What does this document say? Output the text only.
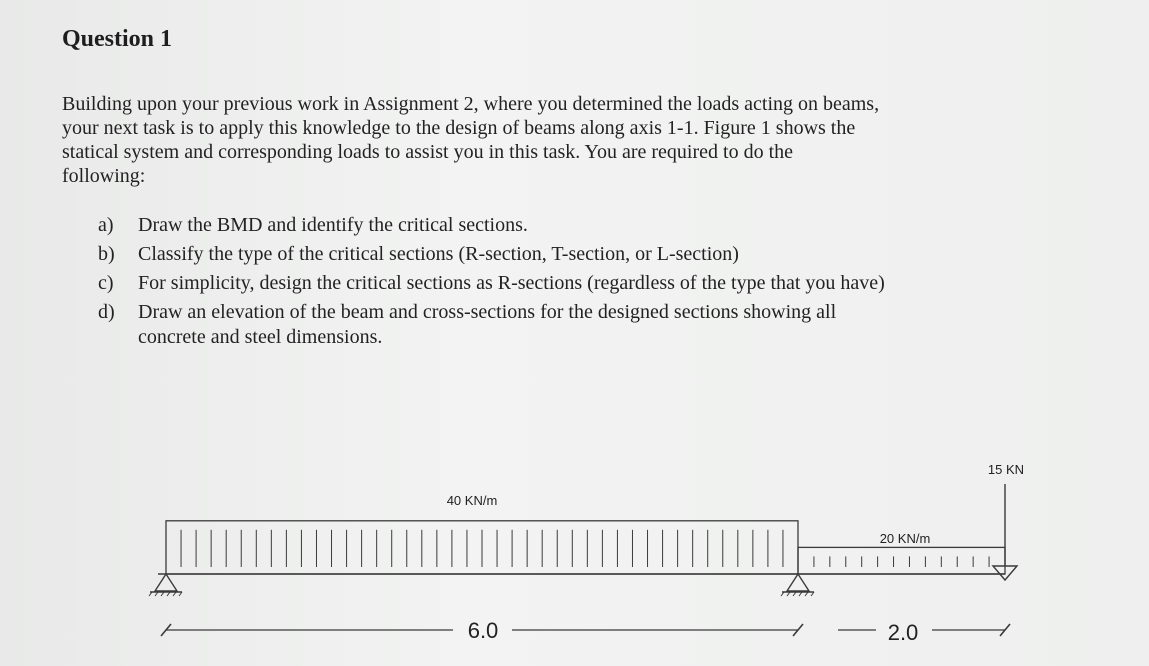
Question 1

Building upon your previous work in Assignment 2, where you determined the loads acting on beams,
your next task is to apply this knowledge to the design of beams along axis 1-1. Figure 1 shows the
statical system and corresponding loads to assist you in this task. You are required to do the
following:

a) Draw the BMD and identify the critical sections.
b) Classify the type of the critical sections (R-section, T-section, or L-section)
c) For simplicity, design the critical sections as R-sections (regardless of the type that you have)
d) Draw an elevation of the beam and cross-sections for the designed sections showing all
concrete and steel dimensions.
40 KN/m
20 KN/m
15 KN
6.0	2.0
